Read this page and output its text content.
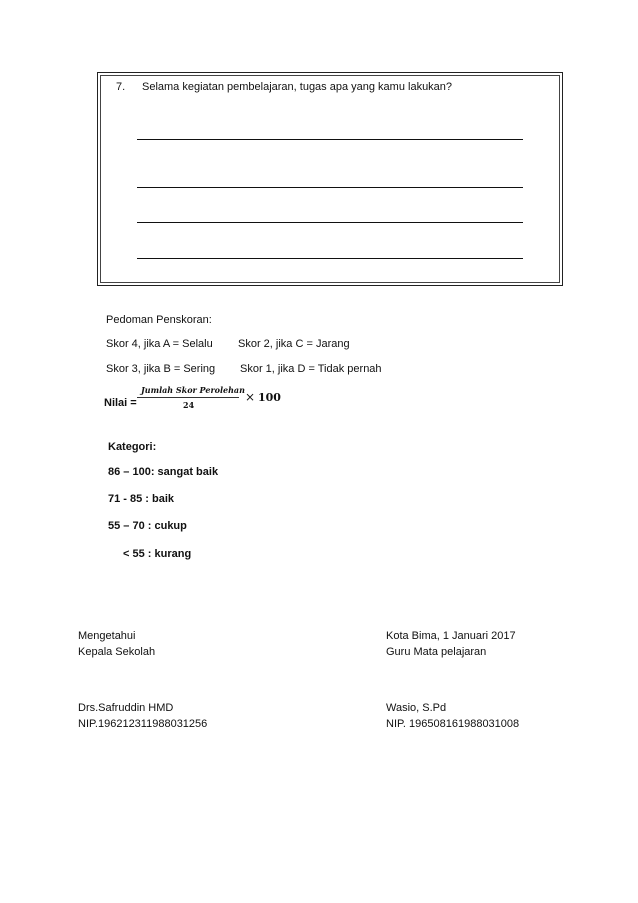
7. Selama kegiatan pembelajaran, tugas apa yang kamu lakukan?
Pedoman Penskoran:
Skor 4, jika A = Selalu Skor 2, jika C = Jarang
Skor 3, jika B = Sering Skor 1, jika D = Tidak pernah
Nilai =
Jumlah Skor Perolehan
24
× 100
Kategori:
86 – 100: sangat baik
71 - 85 : baik
55 – 70 : cukup
< 55 : kurang
Mengetahui
Kepala Sekolah
Drs.Safruddin HMD
NIP.196212311988031256
Kota Bima, 1 Januari 2017
Guru Mata pelajaran
Wasio, S.Pd
NIP. 196508161988031008
